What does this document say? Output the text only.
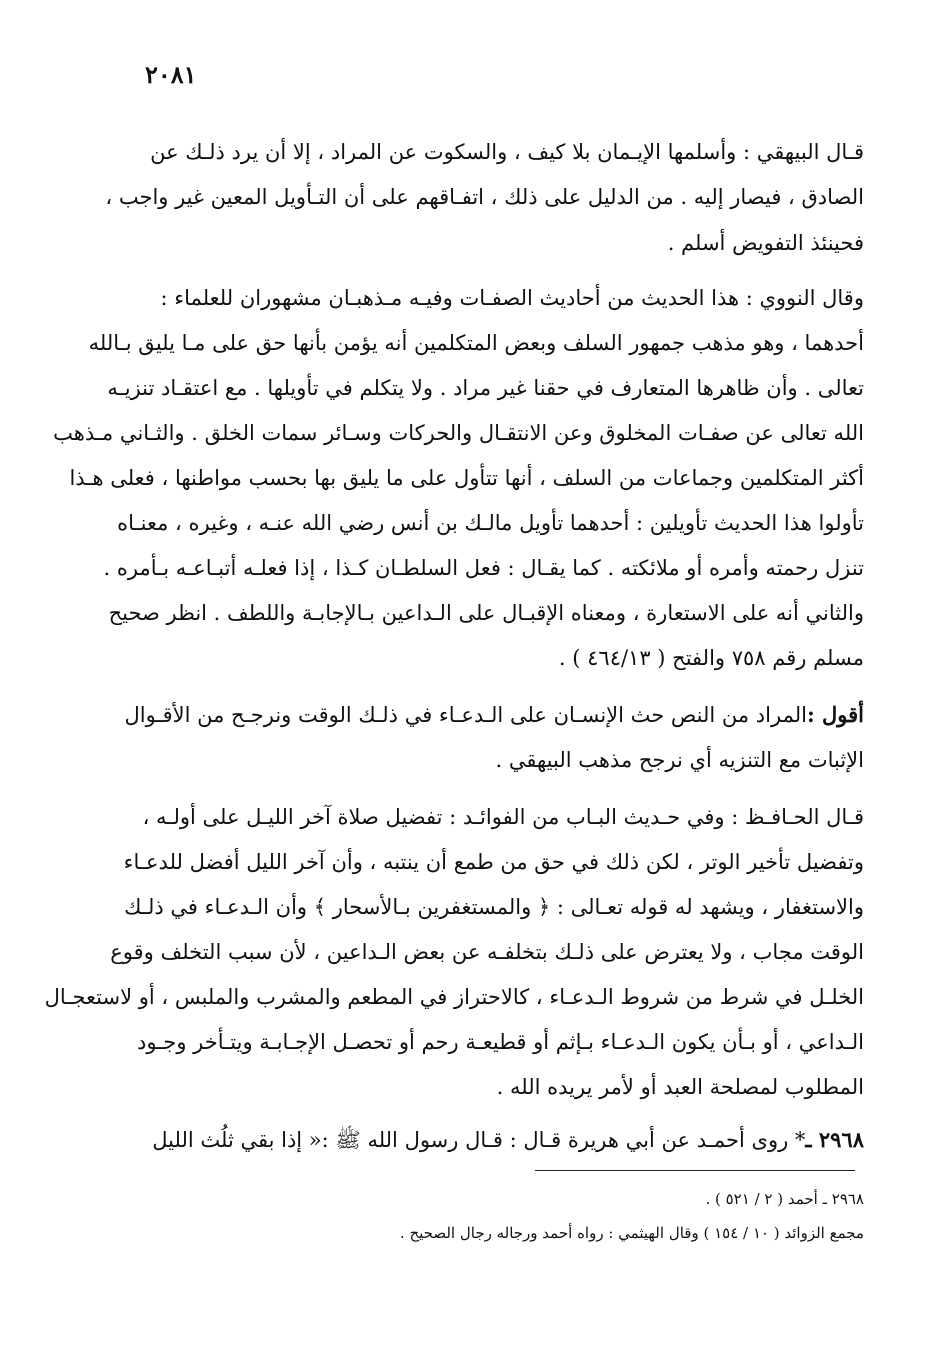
٢٠٨١
قـال البيهقي : وأسلمها الإيـمان بلا كيف ، والسكوت عن المراد ، إلا أن يرد ذلـك عن
الصادق ، فيصار إليه . من الدليل على ذلك ، اتفـاقهم على أن التـأويل المعين غير واجب ،
فحينئذ التفويض أسلم .
وقال النووي : هذا الحديث من أحاديث الصفـات وفيـه مـذهبـان مشهوران للعلماء :
أحدهما ، وهو مذهب جمهور السلف وبعض المتكلمين أنه يؤمن بأنها حق على مـا يليق بـالله
تعالى . وأن ظاهرها المتعارف في حقنا غير مراد . ولا يتكلم في تأويلها . مع اعتقـاد تنزيـه
الله تعالى عن صفـات المخلوق وعن الانتقـال والحركات وسـائر سمات الخلق . والثـاني مـذهب
أكثر المتكلمين وجماعات من السلف ، أنها تتأول على ما يليق بها بحسب مواطنها ، فعلى هـذا
تأولوا هذا الحديث تأويلين : أحدهما تأويل مالـك بن أنس رضي الله عنـه ، وغيره ، معنـاه
تنزل رحمته وأمره أو ملائكته . كما يقـال : فعل السلطـان كـذا ، إذا فعلـه أتبـاعـه بـأمره .
والثاني أنه على الاستعارة ، ومعناه الإقبـال على الـداعين بـالإجابـة واللطف . انظر صحيح
مسلم رقم ٧٥٨ والفتح ( ٤٦٤/١٣ ) .
أقول :
المراد من النص حث الإنسـان على الـدعـاء في ذلـك الوقت ونرجـح من الأقـوال
الإثبات مع التنزيه أي نرجح مذهب البيهقي .
قـال الحـافـظ : وفي حـديث البـاب من الفوائـد : تفضيل صلاة آخر الليـل على أولـه ،
وتفضيل تأخير الوتر ، لكن ذلك في حق من طمع أن ينتبه ، وأن آخر الليل أفضل للدعـاء
والاستغفار ، ويشهد له قوله تعـالى : ﴿ والمستغفرين بـالأسحار ﴾ وأن الـدعـاء في ذلـك
الوقت مجاب ، ولا يعترض على ذلـك بتخلفـه عن بعض الـداعين ، لأن سبب التخلف وقوع
الخلـل في شرط من شروط الـدعـاء ، كالاحتراز في المطعم والمشرب والملبس ، أو لاستعجـال
الـداعي ، أو بـأن يكون الـدعـاء بـإثم أو قطيعـة رحم أو تحصـل الإجـابـة ويتـأخر وجـود
المطلوب لمصلحة العبد أو لأمر يريده الله .
٢٩٦٨ ـ
* روى أحمـد عن أبي هريرة قـال : قـال رسول الله ﷺ :« إذا بقي ثلُث الليل
٢٩٦٨ ـ أحمد ( ٢ / ٥٢١ ) .
مجمع الزوائد ( ١٠ / ١٥٤ ) وقال الهيثمي : رواه أحمد ورجاله رجال الصحيح .
